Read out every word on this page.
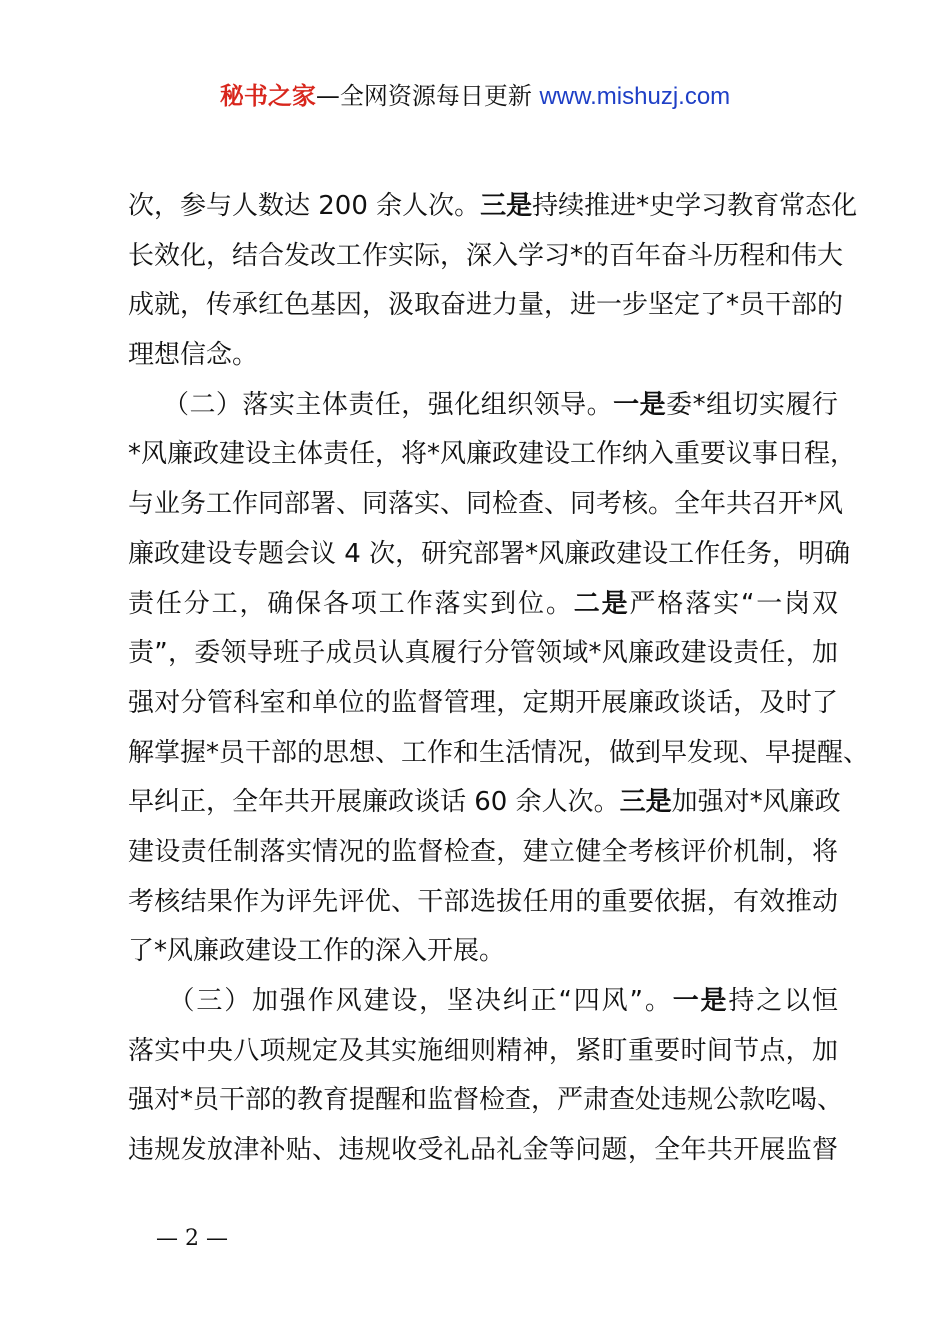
秘书之家—全网资源每日更新 www.mishuzj.com
次，参与人数达 200 余人次。三是持续推进*史学习教育常态化
长效化，结合发改工作实际，深入学习*的百年奋斗历程和伟大
成就，传承红色基因，汲取奋进力量，进一步坚定了*员干部的
理想信念。
（二）落实主体责任，强化组织领导。一是委*组切实履行
*风廉政建设主体责任，将*风廉政建设工作纳入重要议事日程，
与业务工作同部署、同落实、同检查、同考核。全年共召开*风
廉政建设专题会议 4 次，研究部署*风廉政建设工作任务，明确
责任分工，确保各项工作落实到位。二是严格落实“一岗双
责”，委领导班子成员认真履行分管领域*风廉政建设责任，加
强对分管科室和单位的监督管理，定期开展廉政谈话，及时了
解掌握*员干部的思想、工作和生活情况，做到早发现、早提醒、
早纠正，全年共开展廉政谈话 60 余人次。三是加强对*风廉政
建设责任制落实情况的监督检查，建立健全考核评价机制，将
考核结果作为评先评优、干部选拔任用的重要依据，有效推动
了*风廉政建设工作的深入开展。
（三）加强作风建设，坚决纠正“四风”。一是持之以恒
落实中央八项规定及其实施细则精神，紧盯重要时间节点，加
强对*员干部的教育提醒和监督检查，严肃查处违规公款吃喝、
违规发放津补贴、违规收受礼品礼金等问题，全年共开展监督
— 2 —
